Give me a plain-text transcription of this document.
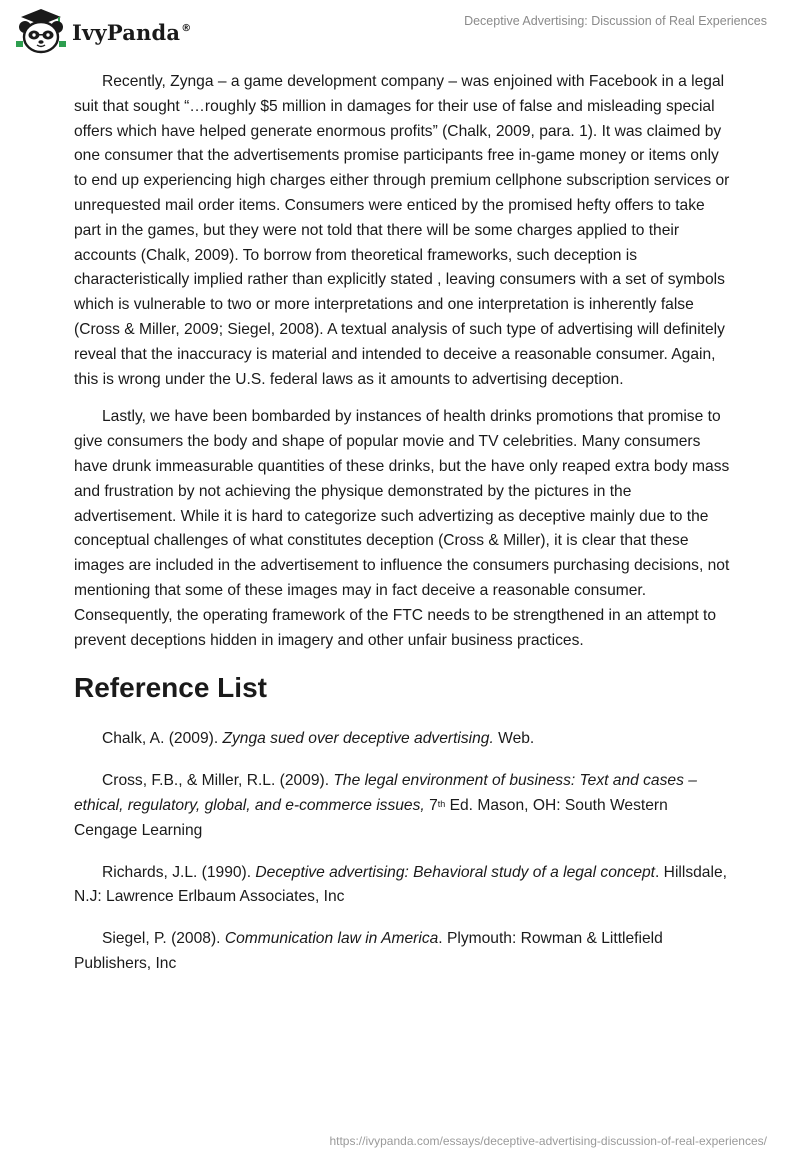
IvyPanda®	Deceptive Advertising: Discussion of Real Experiences

Recently, Zynga – a game development company – was enjoined with Facebook in a legal suit that sought “…roughly $5 million in damages for their use of false and misleading special offers which have helped generate enormous profits” (Chalk, 2009, para. 1). It was claimed by one consumer that the advertisements promise participants free in-game money or items only to end up experiencing high charges either through premium cellphone subscription services or unrequested mail order items. Consumers were enticed by the promised hefty offers to take part in the games, but they were not told that there will be some charges applied to their accounts (Chalk, 2009). To borrow from theoretical frameworks, such deception is characteristically implied rather than explicitly stated , leaving consumers with a set of symbols which is vulnerable to two or more interpretations and one interpretation is inherently false (Cross & Miller, 2009; Siegel, 2008). A textual analysis of such type of advertising will definitely reveal that the inaccuracy is material and intended to deceive a reasonable consumer. Again, this is wrong under the U.S. federal laws as it amounts to advertising deception.

Lastly, we have been bombarded by instances of health drinks promotions that promise to give consumers the body and shape of popular movie and TV celebrities. Many consumers have drunk immeasurable quantities of these drinks, but the have only reaped extra body mass and frustration by not achieving the physique demonstrated by the pictures in the advertisement. While it is hard to categorize such advertizing as deceptive mainly due to the conceptual challenges of what constitutes deception (Cross & Miller), it is clear that these images are included in the advertisement to influence the consumers purchasing decisions, not mentioning that some of these images may in fact deceive a reasonable consumer. Consequently, the operating framework of the FTC needs to be strengthened in an attempt to prevent deceptions hidden in imagery and other unfair business practices.

Reference List

Chalk, A. (2009). Zynga sued over deceptive advertising. Web.

Cross, F.B., & Miller, R.L. (2009). The legal environment of business: Text and cases – ethical, regulatory, global, and e-commerce issues, 7th Ed. Mason, OH: South Western Cengage Learning

Richards, J.L. (1990). Deceptive advertising: Behavioral study of a legal concept. Hillsdale, N.J: Lawrence Erlbaum Associates, Inc

Siegel, P. (2008). Communication law in America. Plymouth: Rowman & Littlefield Publishers, Inc

https://ivypanda.com/essays/deceptive-advertising-discussion-of-real-experiences/
